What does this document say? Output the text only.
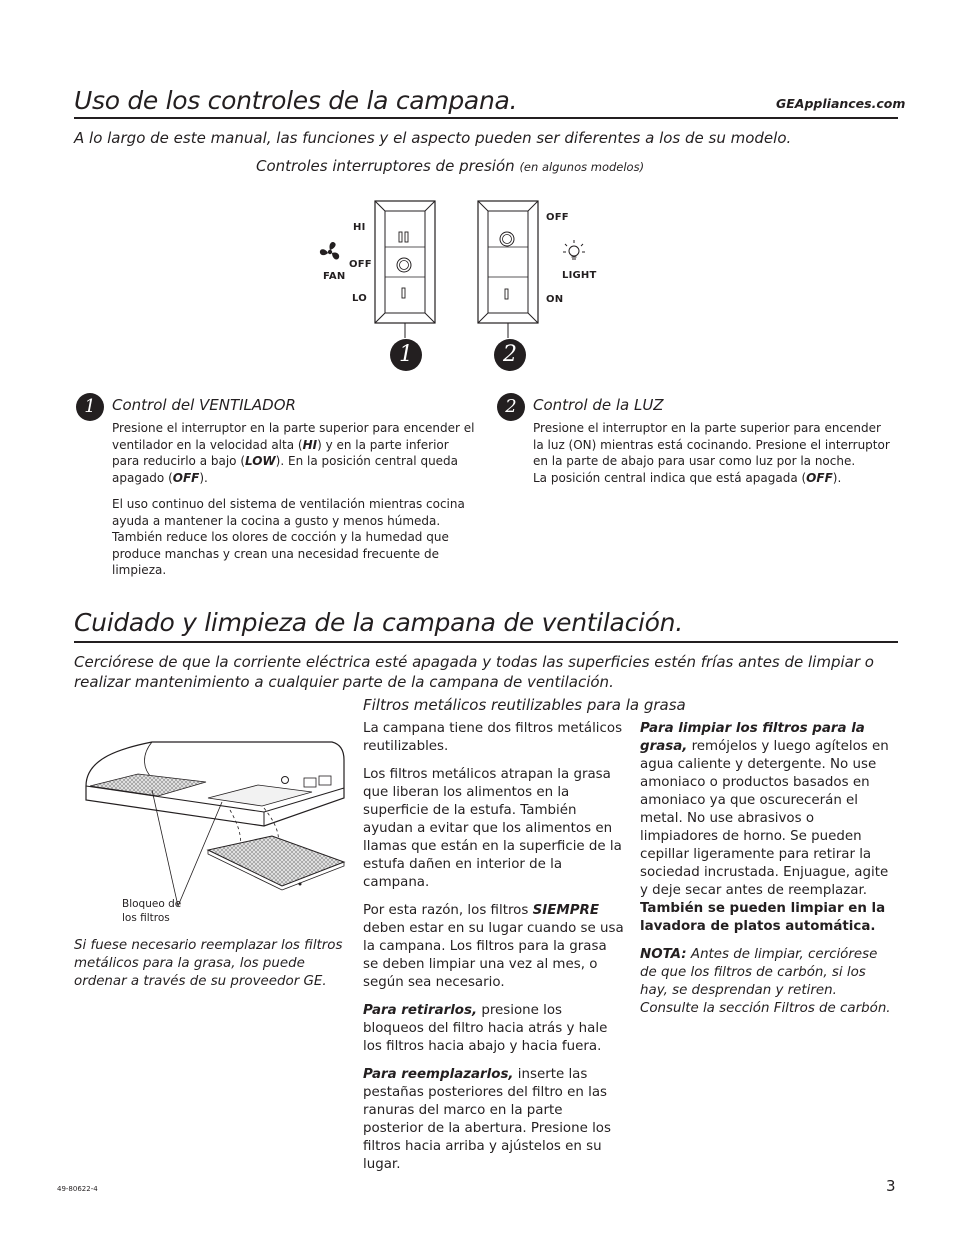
Uso de los controles de la campana.	GEAppliances.com
A lo largo de este manual, las funciones y el aspecto pueden ser diferentes a los de su modelo.
Controles interruptores de presión (en algunos modelos)
HI
OFF
LO
FAN
OFF
LIGHT
ON
1	2
1	Control del VENTILADOR

Presione el interruptor en la parte superior para encender el ventilador en la velocidad alta (HI) y en la parte inferior para reducirlo a bajo (LOW). En la posición central queda apagado (OFF).

El uso continuo del sistema de ventilación mientras cocina ayuda a mantener la cocina a gusto y menos húmeda. También reduce los olores de cocción y la humedad que produce manchas y crean una necesidad frecuente de limpieza.

2	Control de la LUZ
Presione el interruptor en la parte superior para encender la luz (ON) mientras está cocinando. Presione el interruptor en la parte de abajo para usar como luz por la noche.
La posición central indica que está apagada (OFF).
Cuidado y limpieza de la campana de ventilación.
Cerciórese de que la corriente eléctrica esté apagada y todas las superficies estén frías antes de limpiar o realizar mantenimiento a cualquier parte de la campana de ventilación.
Filtros metálicos reutilizables para la grasa
Bloqueo de los filtros
Si fuese necesario reemplazar los filtros metálicos para la grasa, los puede ordenar a través de su proveedor GE.

La campana tiene dos filtros metálicos reutilizables.

Los filtros metálicos atrapan la grasa que liberan los alimentos en la superficie de la estufa. También ayudan a evitar que los alimentos en llamas que están en la superficie de la estufa dañen en interior de la campana.

Por esta razón, los filtros SIEMPRE deben estar en su lugar cuando se usa la campana. Los filtros para la grasa se deben limpiar una vez al mes, o según sea necesario.

Para retirarlos, presione los bloqueos del filtro hacia atrás y hale los filtros hacia abajo y hacia fuera.

Para reemplazarlos, inserte las pestañas posteriores del filtro en las ranuras del marco en la parte posterior de la abertura. Presione los filtros hacia arriba y ajústelos en su lugar.

Para limpiar los filtros para la grasa, remójelos y luego agítelos en agua caliente y detergente. No use amoniaco o productos basados en amoniaco ya que oscurecerán el metal. No use abrasivos o limpiadores de horno. Se pueden cepillar ligeramente para retirar la sociedad incrustada. Enjuague, agite y deje secar antes de reemplazar. También se pueden limpiar en la lavadora de platos automática.

NOTA: Antes de limpiar, cerciórese de que los filtros de carbón, si los hay, se desprendan y retiren. Consulte la sección Filtros de carbón.

49-80622-4	3
